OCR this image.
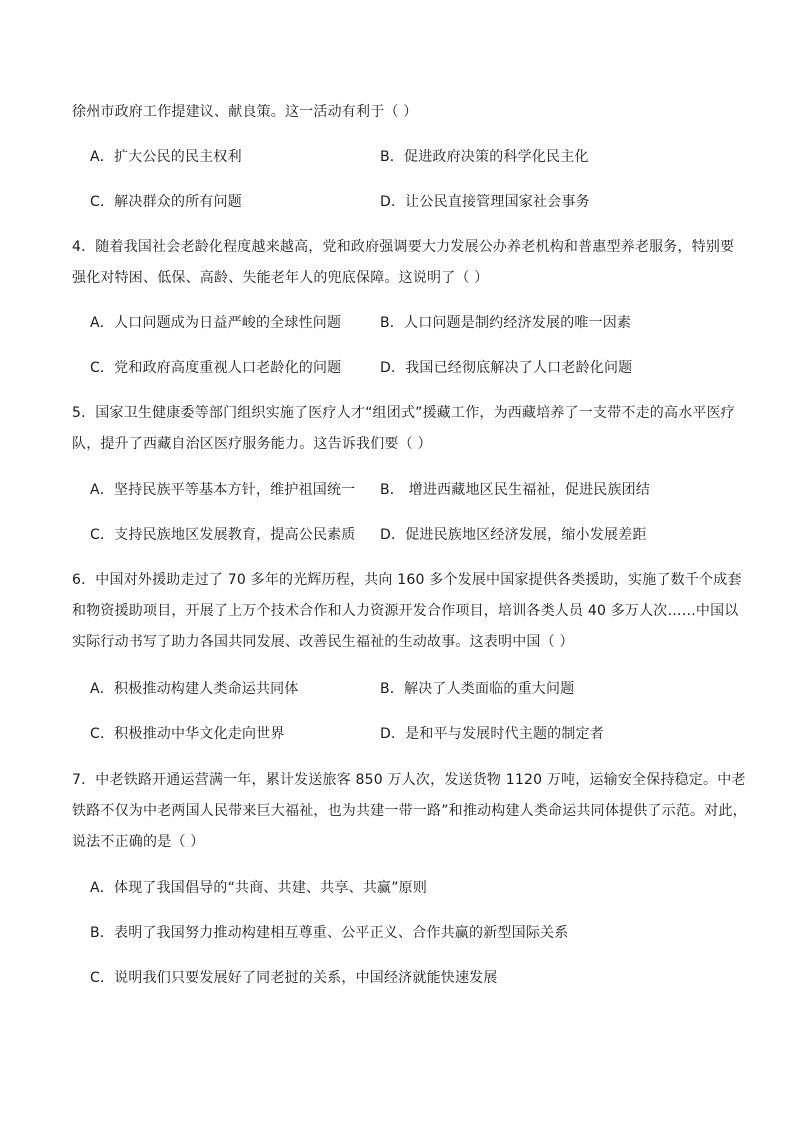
徐州市政府工作提建议、献良策。这一活动有利于（ ）
A．扩大公民的民主权利	B．促进政府决策的科学化民主化
C．解决群众的所有问题	D．让公民直接管理国家社会事务
4．随着我国社会老龄化程度越来越高，党和政府强调要大力发展公办养老机构和普惠型养老服务，特别要
强化对特困、低保、高龄、失能老年人的兜底保障。这说明了（ ）
A．人口问题成为日益严峻的全球性问题	B．人口问题是制约经济发展的唯一因素
C．党和政府高度重视人口老龄化的问题	D．我国已经彻底解决了人口老龄化问题
5．国家卫生健康委等部门组织实施了医疗人才“组团式”援藏工作，为西藏培养了一支带不走的高水平医疗
队，提升了西藏自治区医疗服务能力。这告诉我们要（ ）
A．坚持民族平等基本方针，维护祖国统一 B． 增进西藏地区民生福祉，促进民族团结
C．支持民族地区发展教育，提高公民素质 D．促进民族地区经济发展，缩小发展差距
6．中国对外援助走过了 70 多年的光辉历程，共向 160 多个发展中国家提供各类援助，实施了数千个成套
和物资援助项目，开展了上万个技术合作和人力资源开发合作项目，培训各类人员 40 多万人次……中国以
实际行动书写了助力各国共同发展、改善民生福祉的生动故事。这表明中国（ ）
A．积极推动构建人类命运共同体	B．解决了人类面临的重大问题
C．积极推动中华文化走向世界	D．是和平与发展时代主题的制定者
7．中老铁路开通运营满一年，累计发送旅客 850 万人次，发送货物 1120 万吨，运输安全保持稳定。中老
铁路不仅为中老两国人民带来巨大福祉，也为共建一带一路”和推动构建人类命运共同体提供了示范。对此，
说法不正确的是（ ）
A．体现了我国倡导的“共商、共建、共享、共赢”原则
B．表明了我国努力推动构建相互尊重、公平正义、合作共赢的新型国际关系
C．说明我们只要发展好了同老挝的关系，中国经济就能快速发展
